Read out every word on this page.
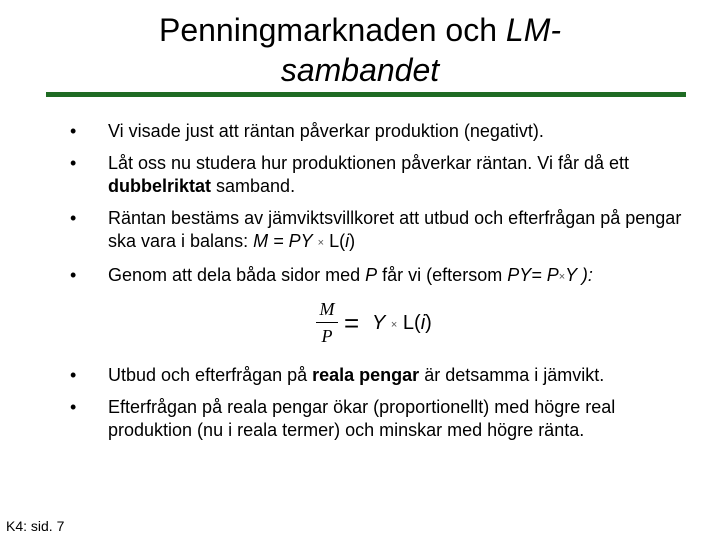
Penningmarknaden och LM-
sambandet
• Vi visade just att räntan påverkar produktion (negativt).
• Låt oss nu studera hur produktionen påverkar räntan. Vi får då ett dubbelriktat samband.
• Räntan bestäms av jämviktsvillkoret att utbud och efterfrågan på pengar ska vara i balans: M = PY × L(i)
• Genom att dela båda sidor med P får vi (eftersom PY= P×Y ):
M
P = Y × L(i)
• Utbud och efterfrågan på reala pengar är detsamma i jämvikt.
• Efterfrågan på reala pengar ökar (proportionellt) med högre real produktion (nu i reala termer) och minskar med högre ränta.
K4: sid. 7
